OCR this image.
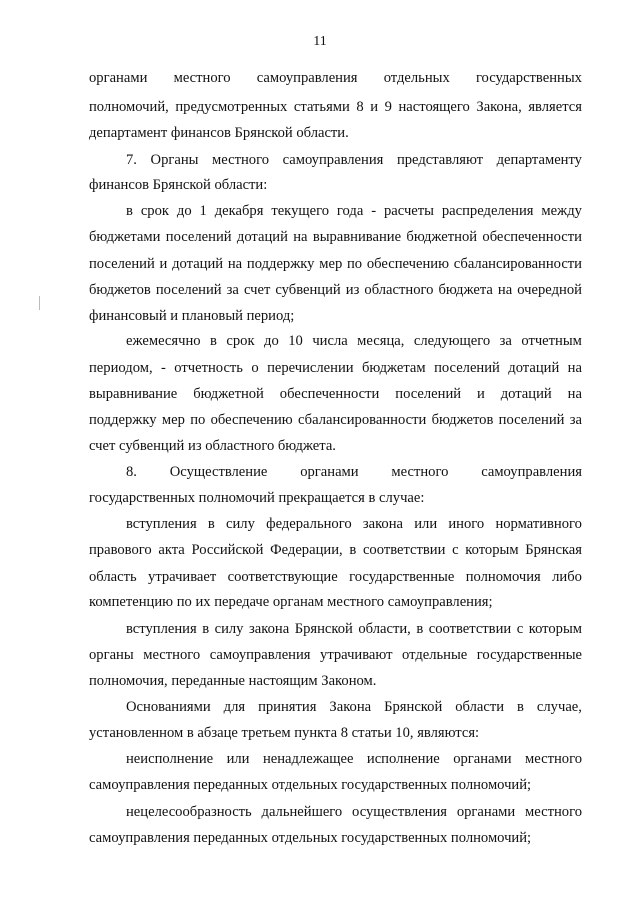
11
органами местного самоуправления отдельных государственных
полномочий, предусмотренных статьями 8 и 9 настоящего Закона, является
департамент финансов Брянской области.
7. Органы местного самоуправления представляют департаменту
финансов Брянской области:
в срок до 1 декабря текущего года - расчеты распределения между
бюджетами поселений дотаций на выравнивание бюджетной обеспеченности
поселений и дотаций на поддержку мер по обеспечению сбалансированности
бюджетов поселений за счет субвенций из областного бюджета на очередной
финансовый и плановый период;
ежемесячно в срок до 10 числа месяца, следующего за отчетным
периодом, - отчетность о перечислении бюджетам поселений дотаций на
выравнивание бюджетной обеспеченности поселений и дотаций на
поддержку мер по обеспечению сбалансированности бюджетов поселений за
счет субвенций из областного бюджета.
8. Осуществление органами местного самоуправления
государственных полномочий прекращается в случае:
вступления в силу федерального закона или иного нормативного
правового акта Российской Федерации, в соответствии с которым Брянская
область утрачивает соответствующие государственные полномочия либо
компетенцию по их передаче органам местного самоуправления;
вступления в силу закона Брянской области, в соответствии с которым
органы местного самоуправления утрачивают отдельные государственные
полномочия, переданные настоящим Законом.
Основаниями для принятия Закона Брянской области в случае,
установленном в абзаце третьем пункта 8 статьи 10, являются:
неисполнение или ненадлежащее исполнение органами местного
самоуправления переданных отдельных государственных полномочий;
нецелесообразность дальнейшего осуществления органами местного
самоуправления переданных отдельных государственных полномочий;
